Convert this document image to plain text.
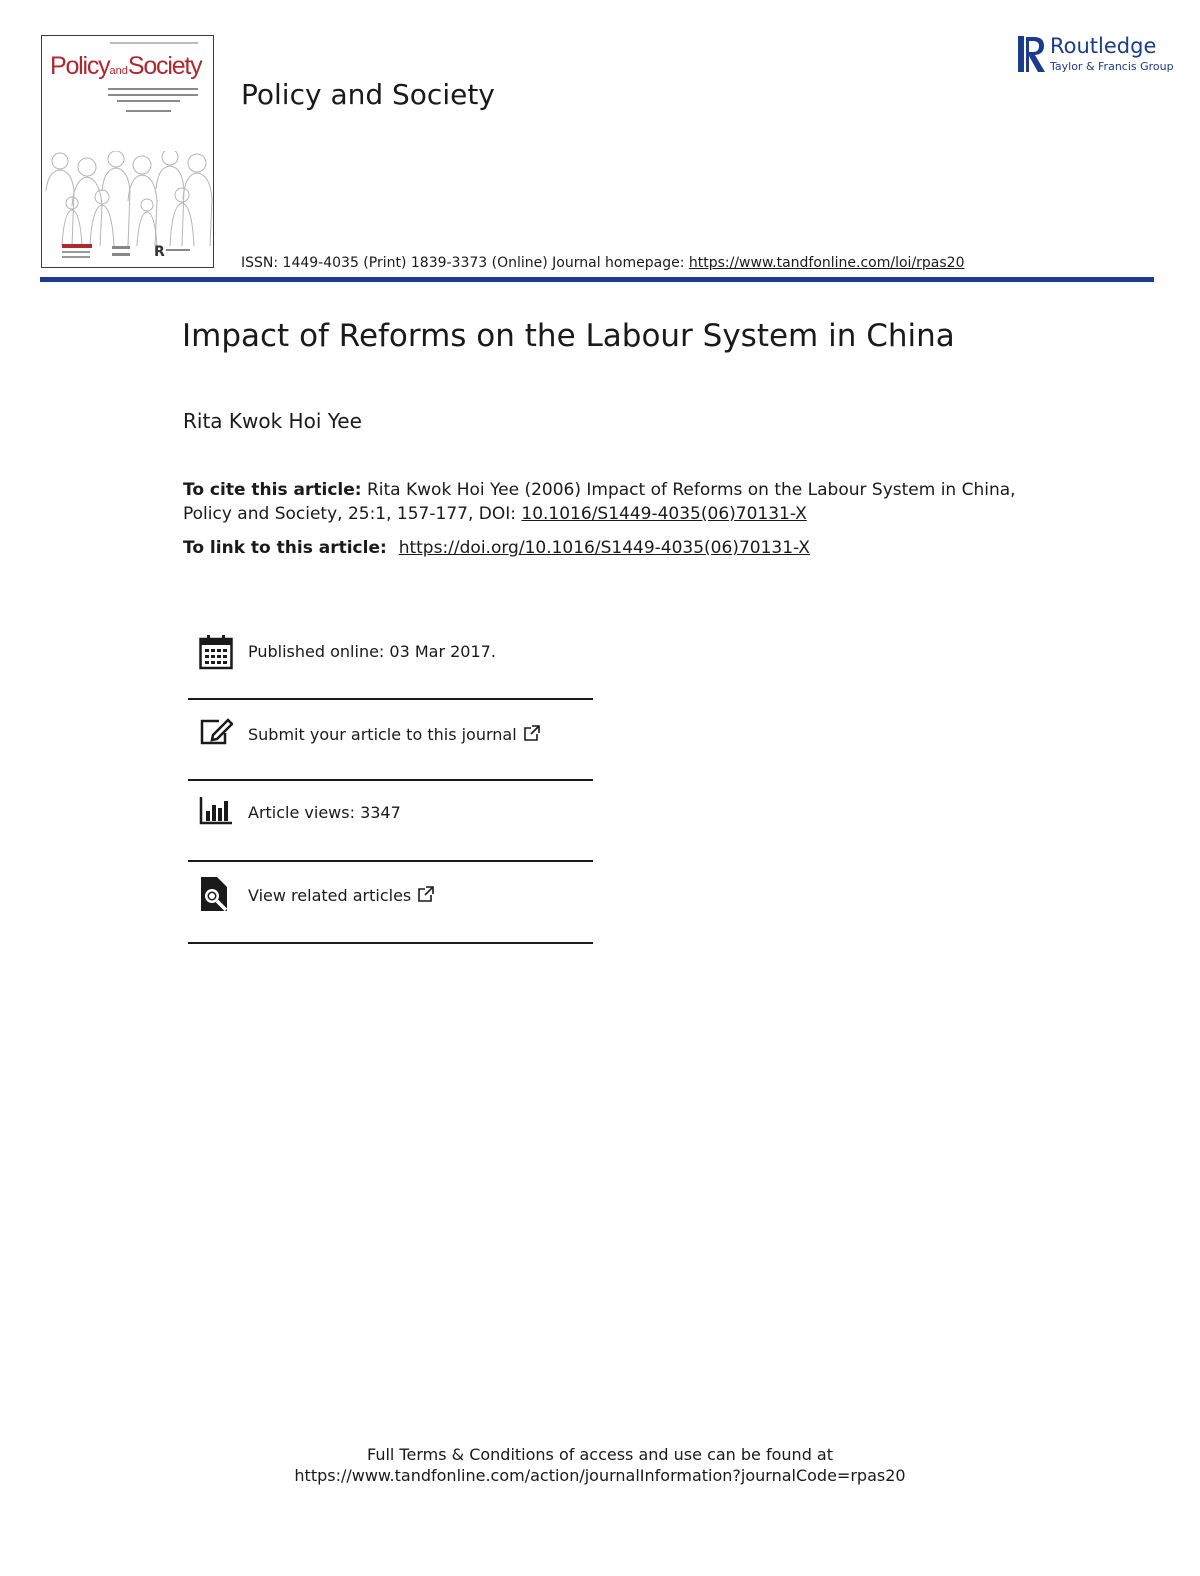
PolicyandSociety
R
Policy and Society
Routledge
Taylor & Francis Group
ISSN: 1449-4035 (Print) 1839-3373 (Online) Journal homepage: https://www.tandfonline.com/loi/rpas20
Impact of Reforms on the Labour System in China
Rita Kwok Hoi Yee
To cite this article: Rita Kwok Hoi Yee (2006) Impact of Reforms on the Labour System in China, Policy and Society, 25:1, 157-177, DOI: 10.1016/S1449-4035(06)70131-X
To link to this article: https://doi.org/10.1016/S1449-4035(06)70131-X
Published online: 03 Mar 2017.
Submit your article to this journal
Article views: 3347
View related articles
Full Terms & Conditions of access and use can be found at
https://www.tandfonline.com/action/journalInformation?journalCode=rpas20
